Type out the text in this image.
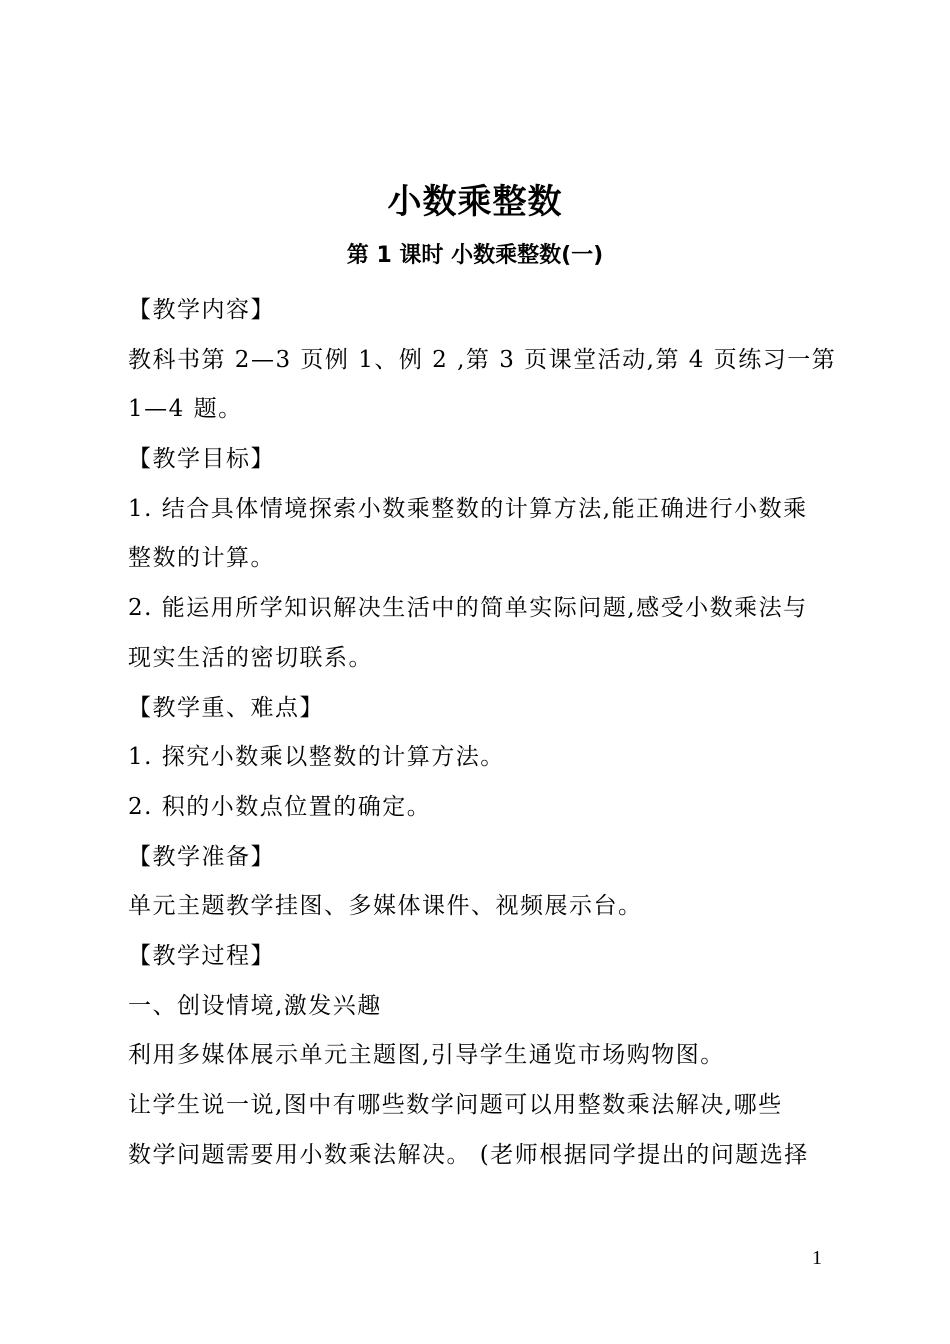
小数乘整数
第 1 课时 小数乘整数(一)
【教学内容】
教科书第 2—3 页例 1、例 2 ,第 3 页课堂活动,第 4 页练习一第
1—4 题。
【教学目标】
1. 结合具体情境探索小数乘整数的计算方法,能正确进行小数乘
整数的计算。
2. 能运用所学知识解决生活中的简单实际问题,感受小数乘法与
现实生活的密切联系。
【教学重、难点】
1. 探究小数乘以整数的计算方法。
2. 积的小数点位置的确定。
【教学准备】
单元主题教学挂图、多媒体课件、视频展示台。
【教学过程】
一、创设情境,激发兴趣
利用多媒体展示单元主题图,引导学生通览市场购物图。
让学生说一说,图中有哪些数学问题可以用整数乘法解决,哪些
数学问题需要用小数乘法解决。 (老师根据同学提出的问题选择
1
